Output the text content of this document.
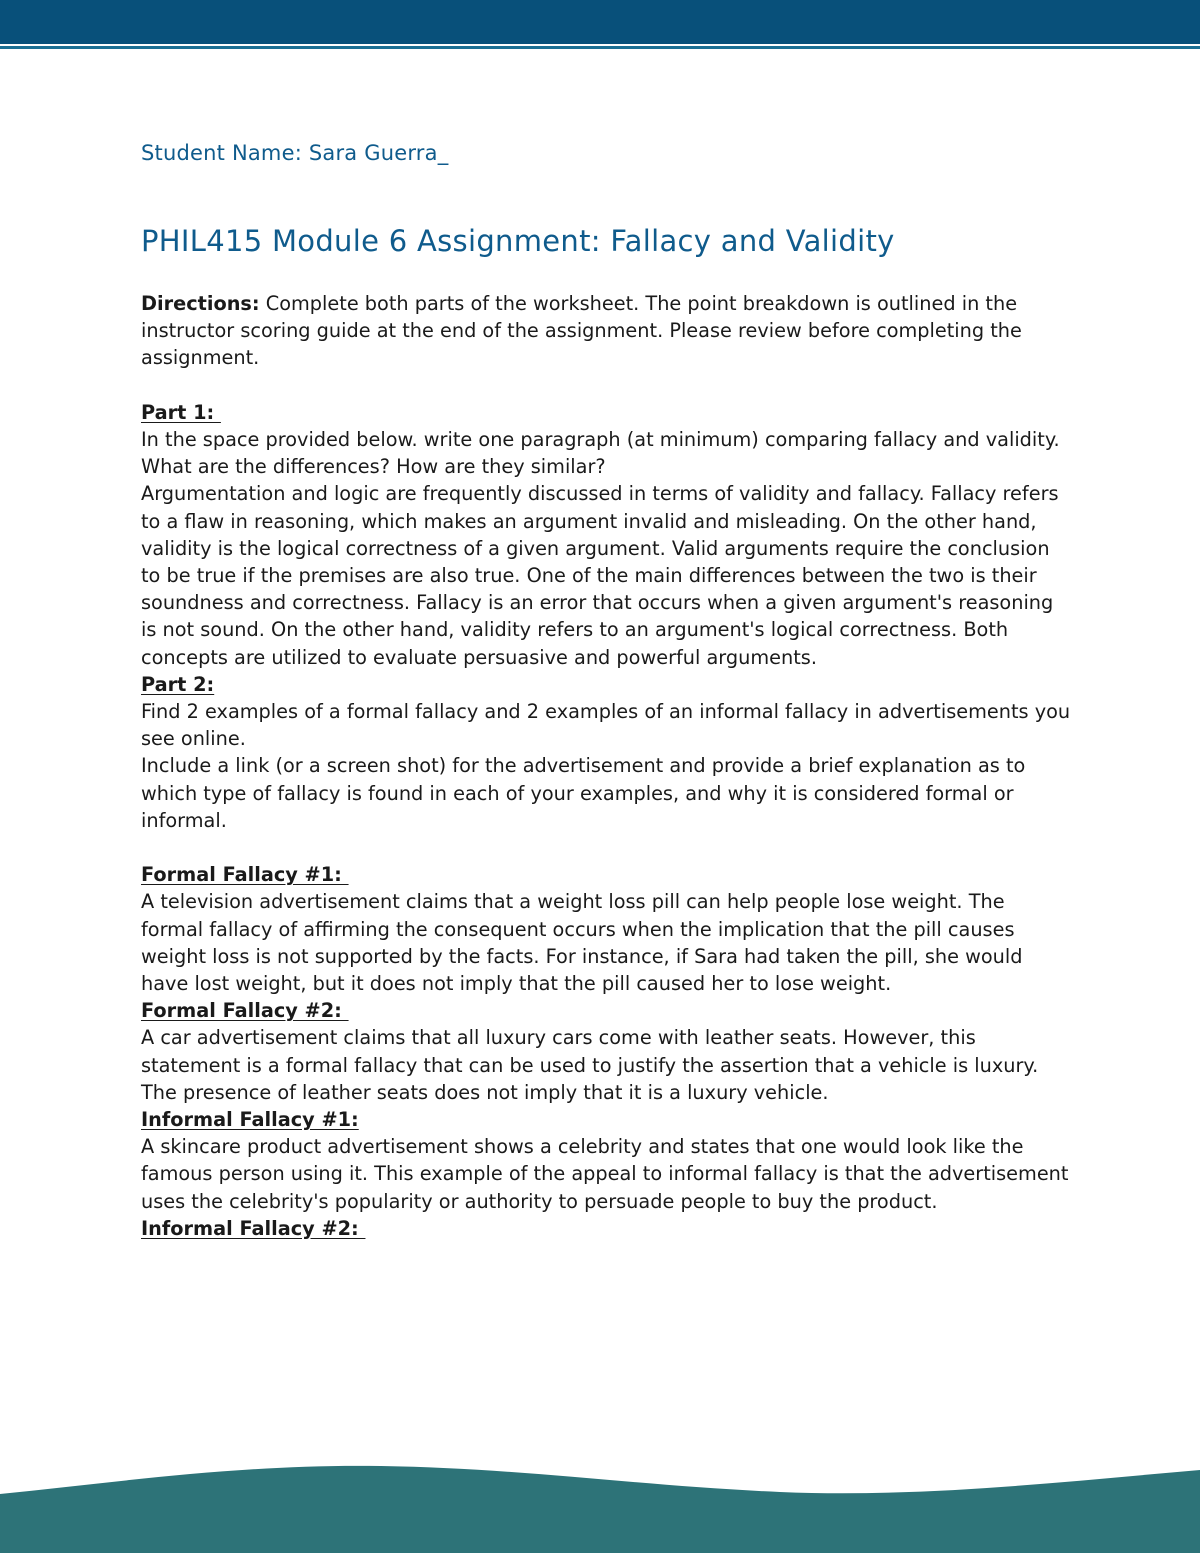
Student Name: Sara Guerra_
PHIL415 Module 6 Assignment: Fallacy and Validity

Directions: Complete both parts of the worksheet. The point breakdown is outlined in the instructor scoring guide at the end of the assignment. Please review before completing the assignment.

Part 1:

In the space provided below. write one paragraph (at minimum) comparing fallacy and validity. What are the differences? How are they similar?

Argumentation and logic are frequently discussed in terms of validity and fallacy. Fallacy refers to a flaw in reasoning, which makes an argument invalid and misleading. On the other hand, validity is the logical correctness of a given argument. Valid arguments require the conclusion to be true if the premises are also true. One of the main differences between the two is their soundness and correctness. Fallacy is an error that occurs when a given argument's reasoning is not sound. On the other hand, validity refers to an argument's logical correctness. Both concepts are utilized to evaluate persuasive and powerful arguments.

Part 2:

Find 2 examples of a formal fallacy and 2 examples of an informal fallacy in advertisements you see online.

Include a link (or a screen shot) for the advertisement and provide a brief explanation as to which type of fallacy is found in each of your examples, and why it is considered formal or informal.

Formal Fallacy #1:

A television advertisement claims that a weight loss pill can help people lose weight. The formal fallacy of affirming the consequent occurs when the implication that the pill causes weight loss is not supported by the facts. For instance, if Sara had taken the pill, she would have lost weight, but it does not imply that the pill caused her to lose weight.

Formal Fallacy #2:

A car advertisement claims that all luxury cars come with leather seats. However, this statement is a formal fallacy that can be used to justify the assertion that a vehicle is luxury. The presence of leather seats does not imply that it is a luxury vehicle.

Informal Fallacy #1:

A skincare product advertisement shows a celebrity and states that one would look like the famous person using it. This example of the appeal to informal fallacy is that the advertisement uses the celebrity's popularity or authority to persuade people to buy the product.

Informal Fallacy #2:
